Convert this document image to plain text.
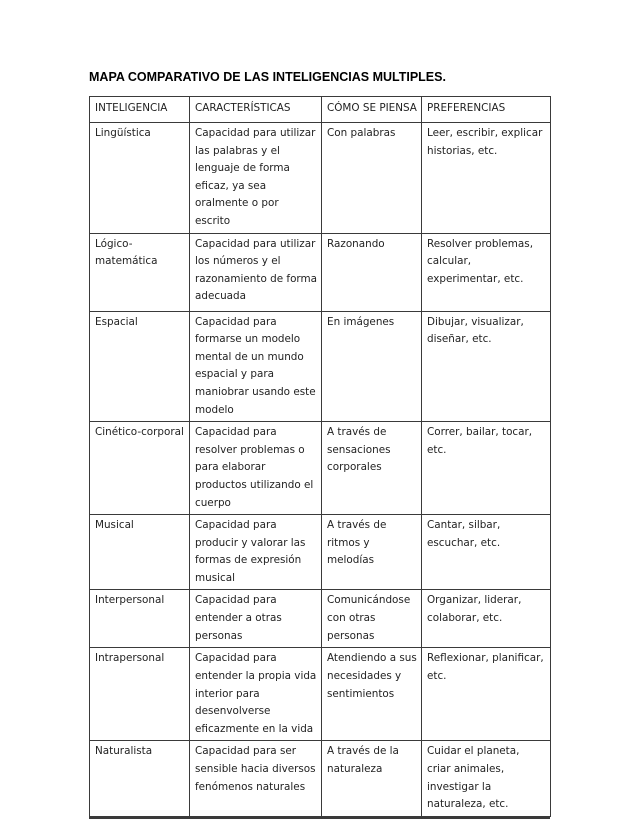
MAPA COMPARATIVO DE LAS INTELIGENCIAS MULTIPLES.
INTELIGENCIA	CARACTERÍSTICAS	CÓMO SE PIENSA	PREFERENCIAS
Lingüística	Capacidad para utilizar las palabras y el lenguaje de forma eficaz, ya sea oralmente o por escrito	Con palabras	Leer, escribir, explicar historias, etc.
Lógico-matemática	Capacidad para utilizar los números y el razonamiento de forma adecuada	Razonando	Resolver problemas, calcular, experimentar, etc.
Espacial	Capacidad para formarse un modelo mental de un mundo espacial y para maniobrar usando este modelo	En imágenes	Dibujar, visualizar, diseñar, etc.
Cinético-corporal	Capacidad para resolver problemas o para elaborar productos utilizando el cuerpo	A través de sensaciones corporales	Correr, bailar, tocar, etc.
Musical	Capacidad para producir y valorar las formas de expresión musical	A través de ritmos y melodías	Cantar, silbar, escuchar, etc.
Interpersonal	Capacidad para entender a otras personas	Comunicándose con otras personas	Organizar, liderar, colaborar, etc.
Intrapersonal	Capacidad para entender la propia vida interior para desenvolverse eficazmente en la vida	Atendiendo a sus necesidades y sentimientos	Reflexionar, planificar, etc.
Naturalista	Capacidad para ser sensible hacia diversos fenómenos naturales	A través de la naturaleza	Cuidar el planeta, criar animales, investigar la naturaleza, etc.
